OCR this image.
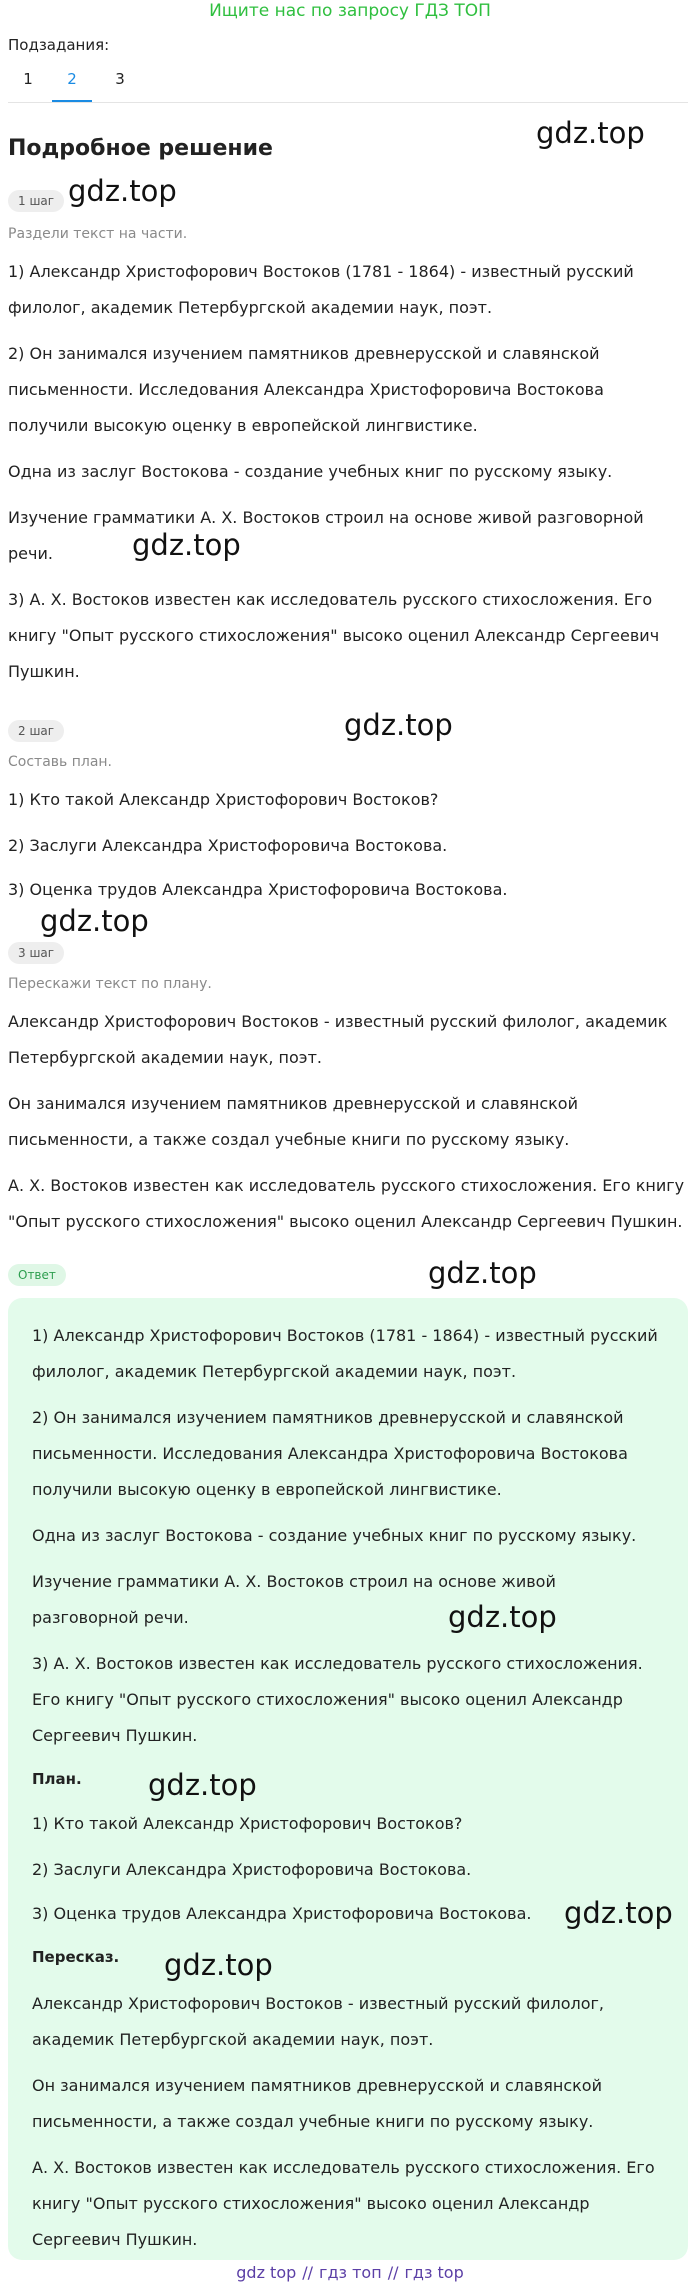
Ищите нас по запросу ГДЗ ТОП
Подзадания:
1	2	3
Подробное решение	gdz.top
1 шаг gdz.top
Раздели текст на части.

1) Александр Христофорович Востоков (1781 - 1864) - известный русский

филолог, академик Петербургской академии наук, поэт.

2) Он занимался изучением памятников древнерусской и славянской

письменности. Исследования Александра Христофоровича Востокова

получили высокую оценку в европейской лингвистике.

Одна из заслуг Востокова - создание учебных книг по русскому языку.

Изучение грамматики А. Х. Востоков строил на основе живой разговорной

речи.	gdz.top

3) А. Х. Востоков известен как исследователь русского стихосложения. Его

книгу "Опыт русского стихосложения" высоко оценил Александр Сергеевич

Пушкин.

gdz.top
2 шаг
Составь план.

1) Кто такой Александр Христофорович Востоков?

2) Заслуги Александра Христофоровича Востокова.

3) Оценка трудов Александра Христофоровича Востокова.

gdz.top
3 шаг
Перескажи текст по плану.

Александр Христофорович Востоков - известный русский филолог, академик

Петербургской академии наук, поэт.

Он занимался изучением памятников древнерусской и славянской

письменности, а также создал учебные книги по русскому языку.

А. Х. Востоков известен как исследователь русского стихосложения. Его книгу

"Опыт русского стихосложения" высоко оценил Александр Сергеевич Пушкин.

Ответ	gdz.top

1) Александр Христофорович Востоков (1781 - 1864) - известный русский

филолог, академик Петербургской академии наук, поэт.

2) Он занимался изучением памятников древнерусской и славянской

письменности. Исследования Александра Христофоровича Востокова

получили высокую оценку в европейской лингвистике.

Одна из заслуг Востокова - создание учебных книг по русскому языку.

Изучение грамматики А. Х. Востоков строил на основе живой

разговорной речи.	gdz.top

3) А. Х. Востоков известен как исследователь русского стихосложения.

Его книгу "Опыт русского стихосложения" высоко оценил Александр

Сергеевич Пушкин.

План. gdz.top

1) Кто такой Александр Христофорович Востоков?

2) Заслуги Александра Христофоровича Востокова.

3) Оценка трудов Александра Христофоровича Востокова.	gdz.top
Пересказ. gdz.top

Александр Христофорович Востоков - известный русский филолог,

академик Петербургской академии наук, поэт.

Он занимался изучением памятников древнерусской и славянской

письменности, а также создал учебные книги по русскому языку.

А. Х. Востоков известен как исследователь русского стихосложения. Его

книгу "Опыт русского стихосложения" высоко оценил Александр

Сергеевич Пушкин.

gdz top // гдз топ // гдз top
